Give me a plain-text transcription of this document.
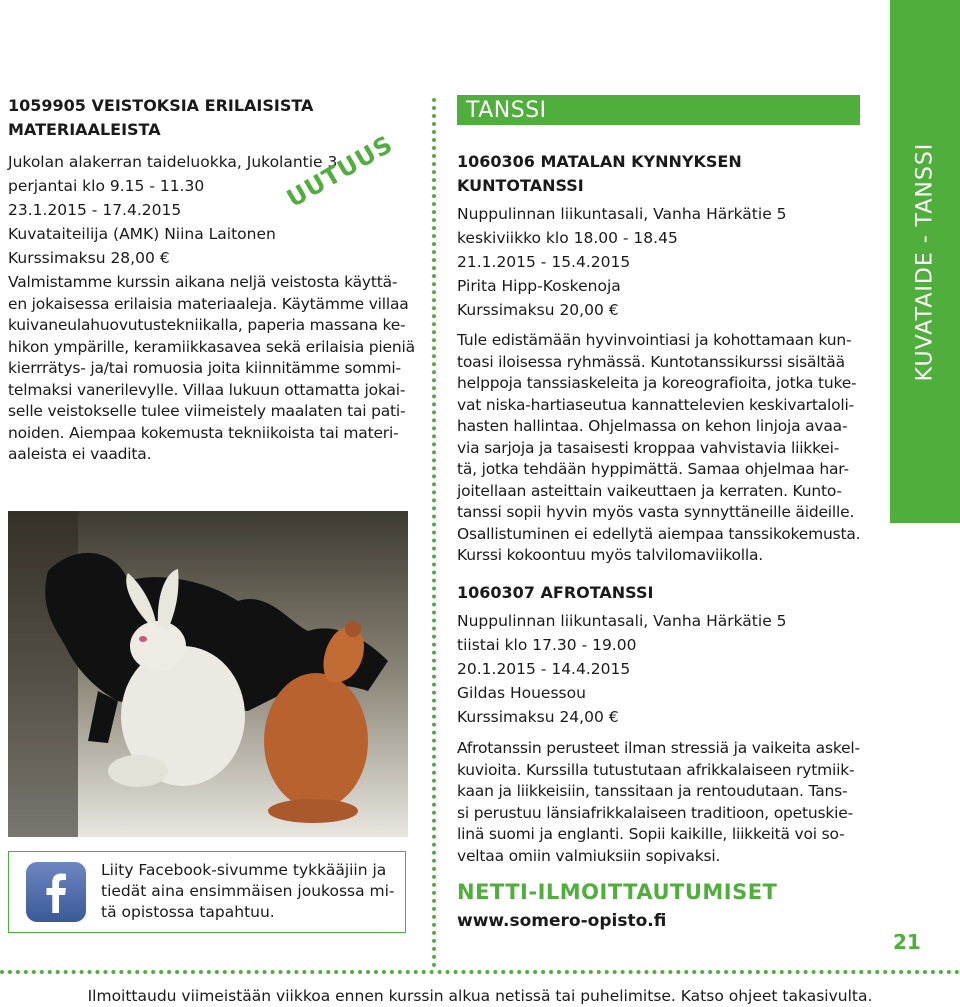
1059905 VEISTOKSIA ERILAISISTA
MATERIAALEISTA
Jukolan alakerran taideluokka, Jukolantie 3
perjantai klo 9.15 - 11.30
23.1.2015 - 17.4.2015
Kuvataiteilija (AMK) Niina Laitonen
Kurssimaksu 28,00 €
UUTUUS
Valmistamme kurssin aikana neljä veistosta käyttä-
en jokaisessa erilaisia materiaaleja. Käytämme villaa
kuivaneulahuovutustekniikalla, paperia massana ke-
hikon ympärille, keramiikkasavea sekä erilaisia pieniä
kierrrätys- ja/tai romuosia joita kiinnitämme sommi-
telmaksi vanerilevylle. Villaa lukuun ottamatta jokai-
selle veistokselle tulee viimeistely maalaten tai pati-
noiden. Aiempaa kokemusta tekniikoista tai materi-
aaleista ei vaadita.
Liity Facebook-sivumme tykkääjiin ja
tiedät aina ensimmäisen joukossa mi-
tä opistossa tapahtuu.
TANSSI
1060306 MATALAN KYNNYKSEN
KUNTOTANSSI
Nuppulinnan liikuntasali, Vanha Härkätie 5
keskiviikko klo 18.00 - 18.45
21.1.2015 - 15.4.2015
Pirita Hipp-Koskenoja
Kurssimaksu 20,00 €
Tule edistämään hyvinvointiasi ja kohottamaan kun-
toasi iloisessa ryhmässä. Kuntotanssikurssi sisältää
helppoja tanssiaskeleita ja koreografioita, jotka tuke-
vat niska-hartiaseutua kannattelevien keskivartaloli-
hasten hallintaa. Ohjelmassa on kehon linjoja avaa-
via sarjoja ja tasaisesti kroppaa vahvistavia liikkei-
tä, jotka tehdään hyppimättä. Samaa ohjelmaa har-
joitellaan asteittain vaikeuttaen ja kerraten. Kunto-
tanssi sopii hyvin myös vasta synnyttäneille äideille.
Osallistuminen ei edellytä aiempaa tanssikokemusta.
Kurssi kokoontuu myös talvilomaviikolla.
1060307 AFROTANSSI
Nuppulinnan liikuntasali, Vanha Härkätie 5
tiistai klo 17.30 - 19.00
20.1.2015 - 14.4.2015
Gildas Houessou
Kurssimaksu 24,00 €
Afrotanssin perusteet ilman stressiä ja vaikeita askel-
kuvioita. Kurssilla tutustutaan afrikkalaiseen rytmiik-
kaan ja liikkeisiin, tanssitaan ja rentoudutaan. Tans-
si perustuu länsiafrikkalaiseen traditioon, opetuskie-
linä suomi ja englanti. Sopii kaikille, liikkeitä voi so-
veltaa omiin valmiuksiin sopivaksi.
NETTI-ILMOITTAUTUMISET
www.somero-opisto.fi
KUVATAIDE - TANSSI
21
Ilmoittaudu viimeistään viikkoa ennen kurssin alkua netissä tai puhelimitse. Katso ohjeet takasivulta.
